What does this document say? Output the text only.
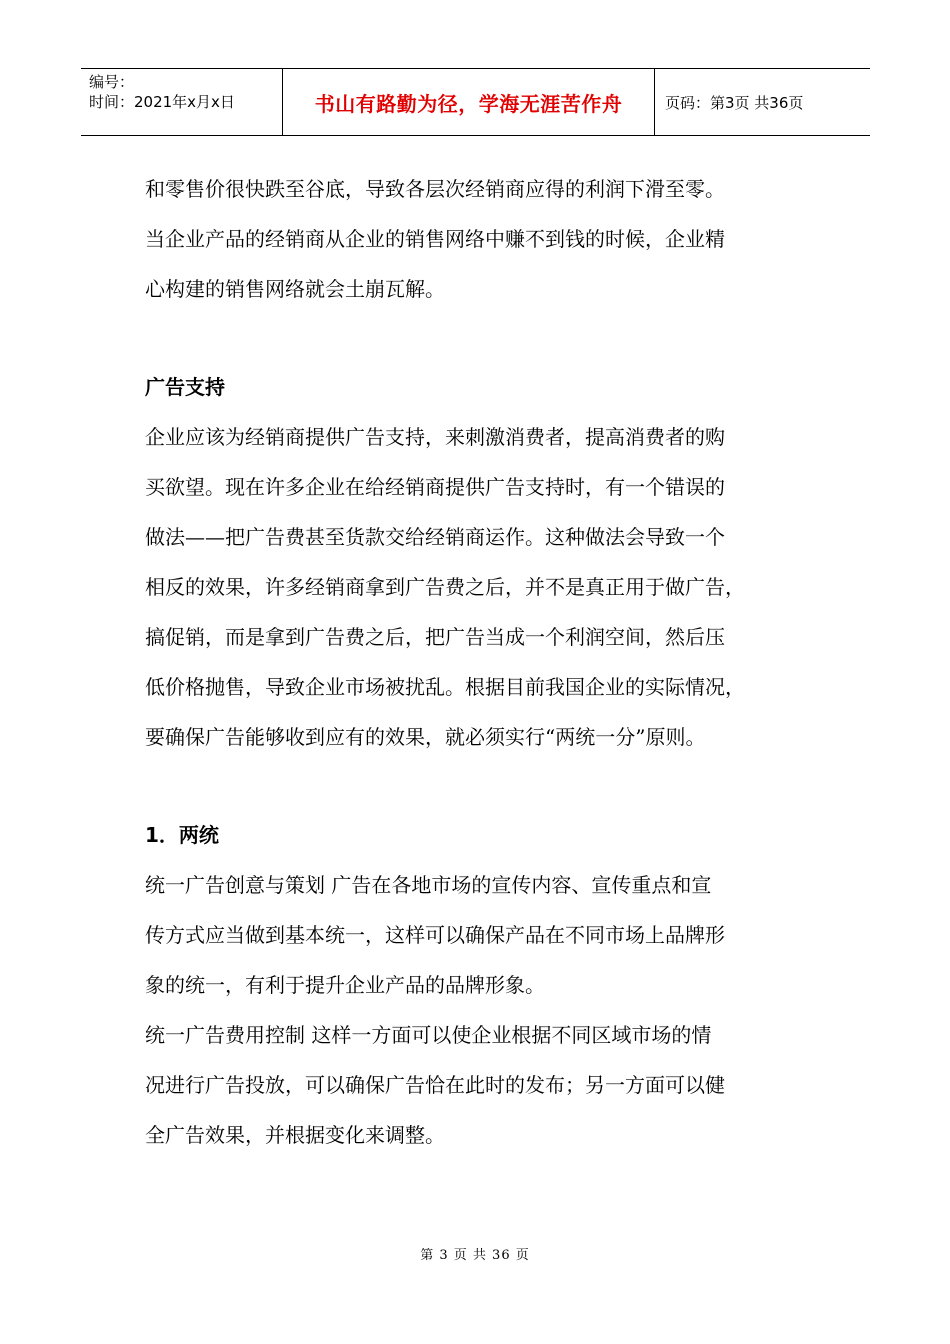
编号：
时间：2021年x月x日	书山有路勤为径，学海无涯苦作舟	页码：第3页 共36页
和零售价很快跌至谷底，导致各层次经销商应得的利润下滑至零。
当企业产品的经销商从企业的销售网络中赚不到钱的时候，企业精
心构建的销售网络就会土崩瓦解。
广告支持
企业应该为经销商提供广告支持，来刺激消费者，提高消费者的购
买欲望。现在许多企业在给经销商提供广告支持时，有一个错误的
做法——把广告费甚至货款交给经销商运作。这种做法会导致一个
相反的效果，许多经销商拿到广告费之后，并不是真正用于做广告，
搞促销，而是拿到广告费之后，把广告当成一个利润空间，然后压
低价格抛售，导致企业市场被扰乱。根据目前我国企业的实际情况，
要确保广告能够收到应有的效果，就必须实行“两统一分”原则。
1．两统
统一广告创意与策划 广告在各地市场的宣传内容、宣传重点和宣
传方式应当做到基本统一，这样可以确保产品在不同市场上品牌形
象的统一，有利于提升企业产品的品牌形象。
统一广告费用控制 这样一方面可以使企业根据不同区域市场的情
况进行广告投放，可以确保广告恰在此时的发布；另一方面可以健
全广告效果，并根据变化来调整。
第 3 页 共 36 页
